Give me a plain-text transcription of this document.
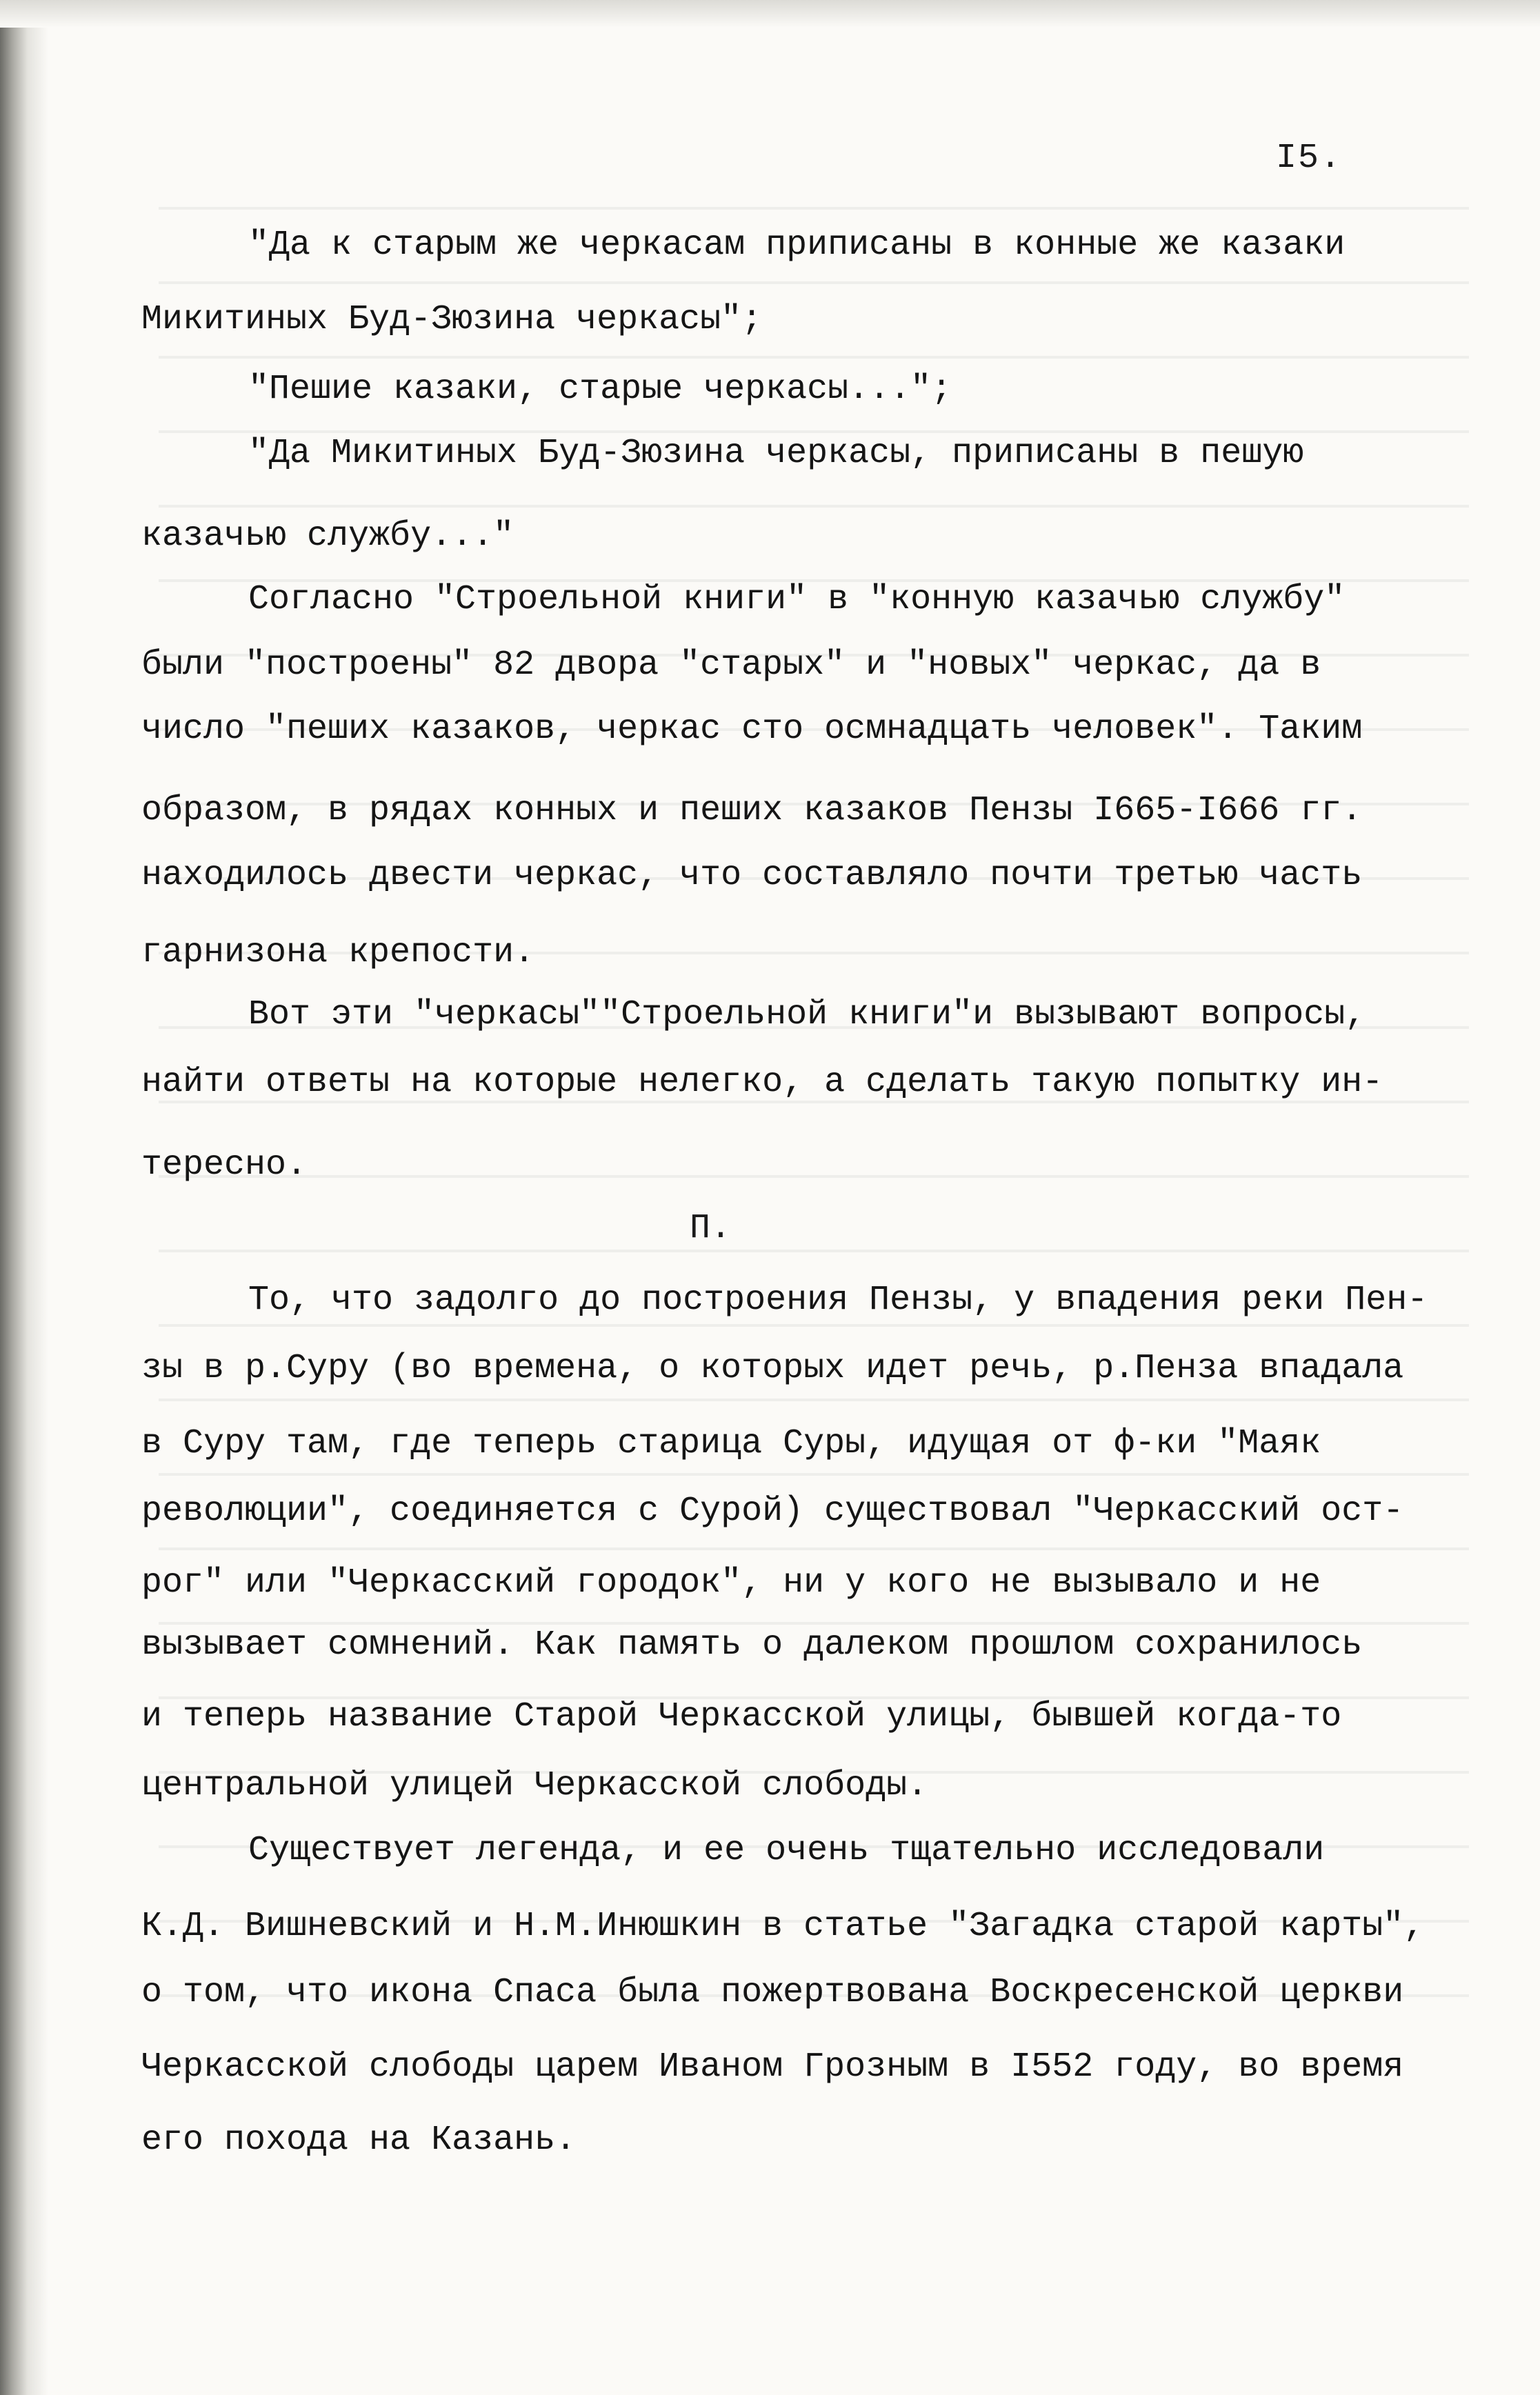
I5.
"Да к старым же черкасам приписаны в конные же казаки
Микитиных Буд-Зюзина черкасы";
"Пешие казаки, старые черкасы...";
"Да Микитиных Буд-Зюзина черкасы, приписаны в пешую
казачью службу..."
Согласно "Строельной книги" в "конную казачью службу"
были "построены" 82 двора "старых" и "новых" черкас, да в
число "пеших казаков, черкас сто осмнадцать человек". Таким
образом, в рядах конных и пеших казаков Пензы I665-I666 гг.
находилось двести черкас, что составляло почти третью часть
гарнизона крепости.
Вот эти "черкасы""Строельной книги"и вызывают вопросы,
найти ответы на которые нелегко, а сделать такую попытку ин-
тересно.
П.
То, что задолго до построения Пензы, у впадения реки Пен-
зы в р.Суру (во времена, о которых идет речь, р.Пенза впадала
в Суру там, где теперь старица Суры, идущая от ф-ки "Маяк
революции", соединяется с Сурой) существовал "Черкасский ост-
рог" или "Черкасский городок", ни у кого не вызывало и не
вызывает сомнений. Как память о далеком прошлом сохранилось
и теперь название Старой Черкасской улицы, бывшей когда-то
центральной улицей Черкасской слободы.
Существует легенда, и ее очень тщательно исследовали
К.Д. Вишневский и Н.М.Инюшкин в статье "Загадка старой карты",
о том, что икона Спаса была пожертвована Воскресенской церкви
Черкасской слободы царем Иваном Грозным в I552 году, во время
его похода на Казань.
